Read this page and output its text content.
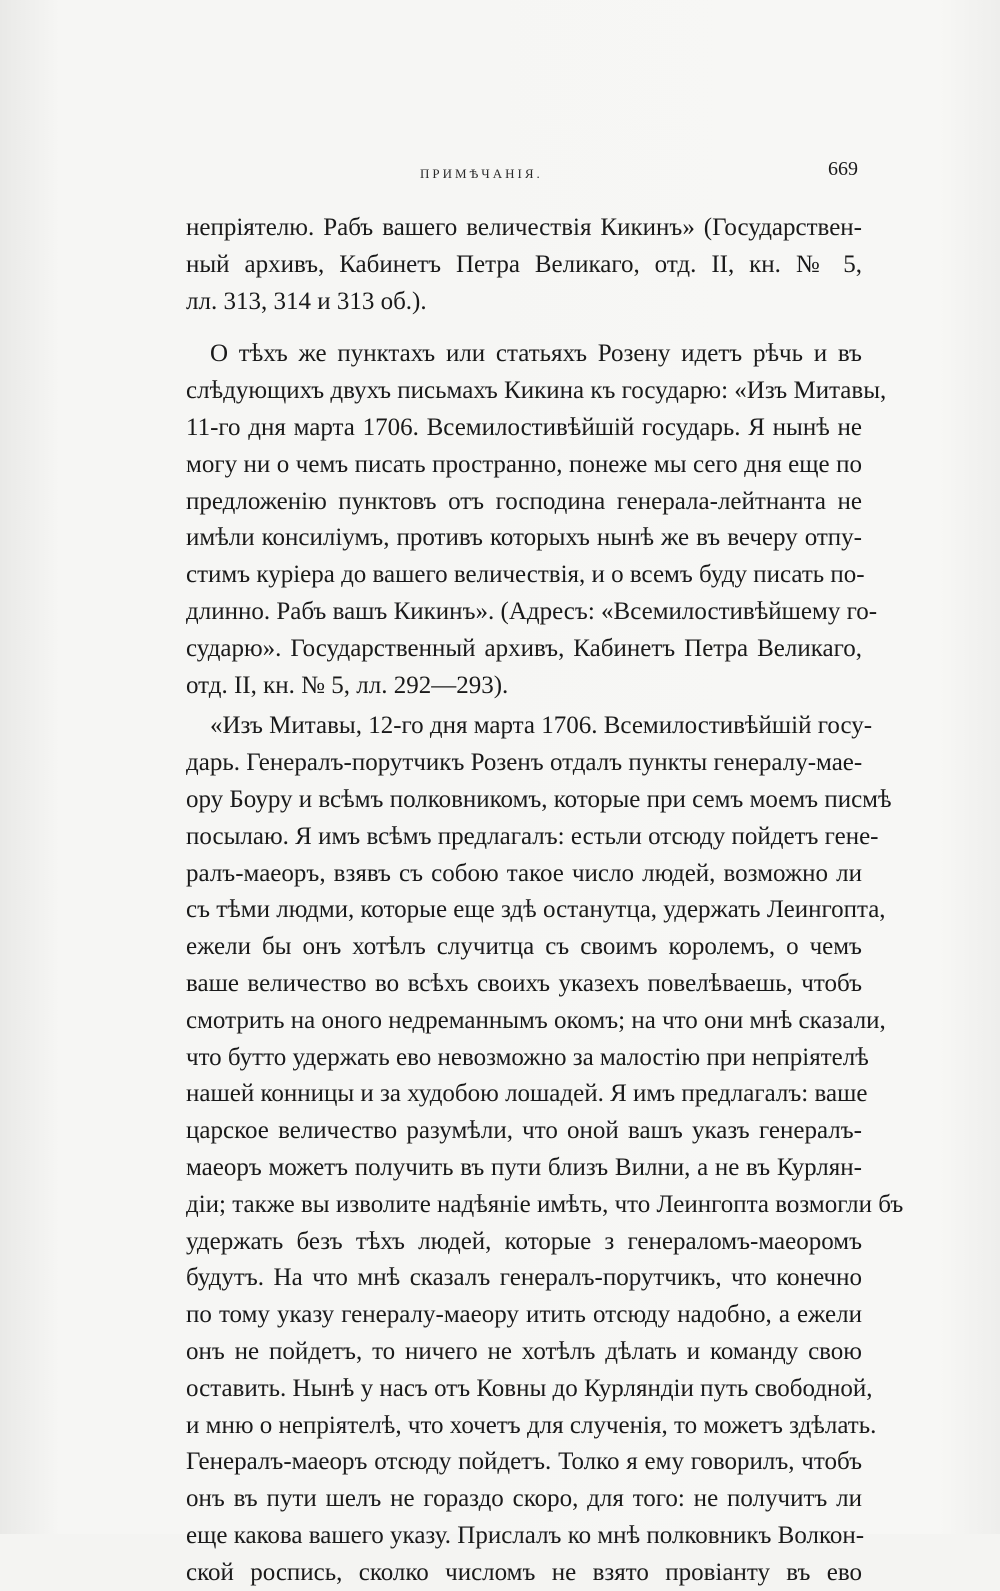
ПРИМѢЧАНІЯ.	669
непріятелю. Рабъ вашего величествія Кикинъ» (Государствен-
ный архивъ, Кабинетъ Петра Великаго, отд. II, кн. № 5,
лл. 313, 314 и 313 об.).
О тѣхъ же пунктахъ или статьяхъ Розену идетъ рѣчь и въ
слѣдующихъ двухъ письмахъ Кикина къ государю: «Изъ Митавы,
11-го дня марта 1706. Всемилостивѣйшій государь. Я нынѣ не
могу ни о чемъ писать пространно, понеже мы сего дня еще по
предложенію пунктовъ отъ господина генерала-лейтнанта не
имѣли консиліумъ, противъ которыхъ нынѣ же въ вечеру отпу-
стимъ куріера до вашего величествія, и о всемъ буду писать по-
длинно. Рабъ вашъ Кикинъ». (Адресъ: «Всемилостивѣйшему го-
сударю». Государственный архивъ, Кабинетъ Петра Великаго,
отд. II, кн. № 5, лл. 292—293).
«Изъ Митавы, 12-го дня марта 1706. Всемилостивѣйшій госу-
дарь. Генералъ-порутчикъ Розенъ отдалъ пункты генералу-мае-
ору Боуру и всѣмъ полковникомъ, которые при семъ моемъ писмѣ
посылаю. Я имъ всѣмъ предлагалъ: естьли отсюду пойдетъ гене-
ралъ-маеоръ, взявъ съ собою такое число людей, возможно ли
съ тѣми людми, которые еще здѣ останутца, удержать Леингопта,
ежели бы онъ хотѣлъ случитца съ своимъ королемъ, о чемъ
ваше величество во всѣхъ своихъ указехъ повелѣваешь, чтобъ
смотрить на оного недреманнымъ окомъ; на что они мнѣ сказали,
что бутто удержать ево невозможно за малостію при непріятелѣ
нашей конницы и за худобою лошадей. Я имъ предлагалъ: ваше
царское величество разумѣли, что оной вашъ указъ генералъ-
маеоръ можетъ получить въ пути близъ Вилни, а не въ Курлян-
діи; также вы изволите надѣяніе имѣть, что Леингопта возмогли бъ
удержать безъ тѣхъ людей, которые з генераломъ-маеоромъ
будутъ. На что мнѣ сказалъ генералъ-порутчикъ, что конечно
по тому указу генералу-маеору итить отсюду надобно, а ежели
онъ не пойдетъ, то ничего не хотѣлъ дѣлать и команду свою
оставить. Нынѣ у насъ отъ Ковны до Курляндіи путь свободной,
и мню о непріятелѣ, что хочетъ для слученія, то можетъ здѣлать.
Генералъ-маеоръ отсюду пойдетъ. Толко я ему говорилъ, чтобъ
онъ въ пути шелъ не гораздо скоро, для того: не получитъ ли
еще какова вашего указу. Прислалъ ко мнѣ полковникъ Волкон-
ской роспись, сколко числомъ не взято провіанту въ ево
